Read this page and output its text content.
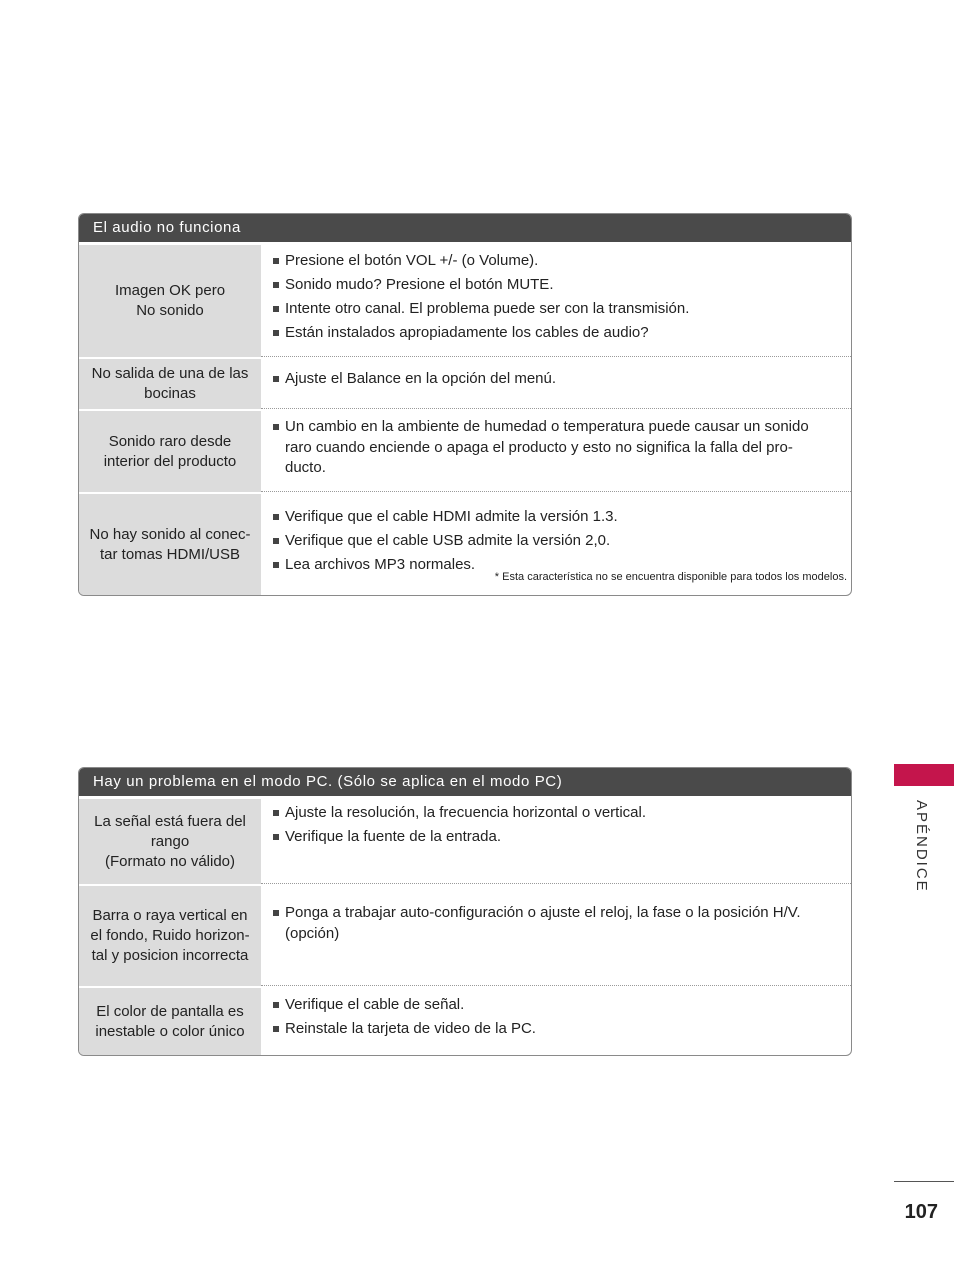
El audio no funciona
Imagen OK pero
No sonido
Presione el botón VOL +/- (o Volume).
Sonido mudo? Presione el botón MUTE.
Intente otro canal. El problema puede ser con la transmisión.
Están instalados apropiadamente los cables de audio?
No salida de una de las
bocinas
Ajuste el Balance en la opción del menú.
Sonido raro desde
interior del producto
Un cambio en la ambiente de humedad o temperatura puede causar un sonido raro cuando enciende o apaga el producto y esto no significa la falla del pro-ducto.
No hay sonido al conec-
tar tomas HDMI/USB
Verifique que el cable HDMI admite la versión 1.3.
Verifique que el cable USB admite la versión 2,0.
Lea archivos MP3 normales.
* Esta característica no se encuentra disponible para todos los modelos.
Hay un problema en el modo PC. (Sólo se aplica en el modo PC)
La señal está fuera del
rango
(Formato no válido)
Ajuste la resolución, la frecuencia horizontal o vertical.
Verifique la fuente de la entrada.
Barra o raya vertical en
el fondo, Ruido horizon-
tal y posicion incorrecta
Ponga a trabajar auto-configuración o ajuste el reloj, la fase o la posición H/V. (opción)
El color de pantalla es
inestable o color único
Verifique el cable de señal.
Reinstale la tarjeta de video de la PC.
APÉNDICE
107
